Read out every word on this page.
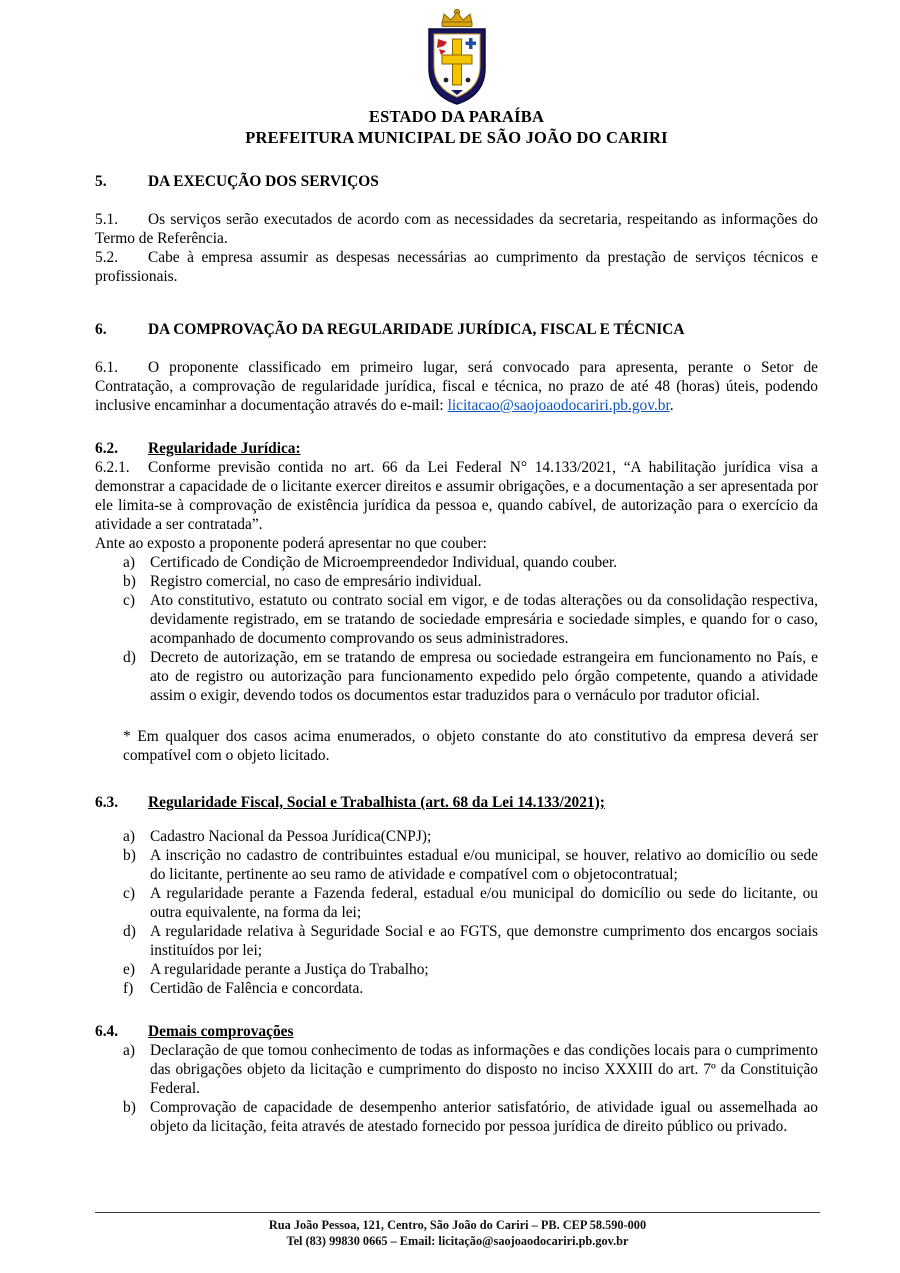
ESTADO DA PARAÍBA
PREFEITURA MUNICIPAL DE SÃO JOÃO DO CARIRI
5.	DA EXECUÇÃO DOS SERVIÇOS

5.1. Os serviços serão executados de acordo com as necessidades da secretaria, respeitando as informações do Termo de Referência.

5.2. Cabe à empresa assumir as despesas necessárias ao cumprimento da prestação de serviços técnicos e profissionais.

6.	DA COMPROVAÇÃO DA REGULARIDADE JURÍDICA, FISCAL E TÉCNICA

6.1. O proponente classificado em primeiro lugar, será convocado para apresenta, perante o Setor de Contratação, a comprovação de regularidade jurídica, fiscal e técnica, no prazo de até 48 (horas) úteis, podendo inclusive encaminhar a documentação através do e-mail: licitacao@saojoaodocariri.pb.gov.br.

6.2. Regularidade Jurídica:

6.2.1. Conforme previsão contida no art. 66 da Lei Federal N° 14.133/2021, “A habilitação jurídica visa a demonstrar a capacidade de o licitante exercer direitos e assumir obrigações, e a documentação a ser apresentada por ele limita-se à comprovação de existência jurídica da pessoa e, quando cabível, de autorização para o exercício da atividade a ser contratada”.

Ante ao exposto a proponente poderá apresentar no que couber:

a) Certificado de Condição de Microempreendedor Individual, quando couber.
b) Registro comercial, no caso de empresário individual.
c) Ato constitutivo, estatuto ou contrato social em vigor, e de todas alterações ou da consolidação respectiva, devidamente registrado, em se tratando de sociedade empresária e sociedade simples, e quando for o caso, acompanhado de documento comprovando os seus administradores.
d) Decreto de autorização, em se tratando de empresa ou sociedade estrangeira em funcionamento no País, e ato de registro ou autorização para funcionamento expedido pelo órgão competente, quando a atividade assim o exigir, devendo todos os documentos estar traduzidos para o vernáculo por tradutor oficial.

* Em qualquer dos casos acima enumerados, o objeto constante do ato constitutivo da empresa deverá ser compatível com o objeto licitado.

6.3. Regularidade Fiscal, Social e Trabalhista (art. 68 da Lei 14.133/2021);
a) Cadastro Nacional da Pessoa Jurídica(CNPJ);
b) A inscrição no cadastro de contribuintes estadual e/ou municipal, se houver, relativo ao domicílio ou sede do licitante, pertinente ao seu ramo de atividade e compatível com o objetocontratual;
c) A regularidade perante a Fazenda federal, estadual e/ou municipal do domicílio ou sede do licitante, ou outra equivalente, na forma da lei;
d) A regularidade relativa à Seguridade Social e ao FGTS, que demonstre cumprimento dos encargos sociais instituídos por lei;
e) A regularidade perante a Justiça do Trabalho;
f) Certidão de Falência e concordata.
6.4. Demais comprovações
a) Declaração de que tomou conhecimento de todas as informações e das condições locais para o cumprimento das obrigações objeto da licitação e cumprimento do disposto no inciso XXXIII do art. 7º da Constituição Federal.
b) Comprovação de capacidade de desempenho anterior satisfatório, de atividade igual ou assemelhada ao objeto da licitação, feita através de atestado fornecido por pessoa jurídica de direito público ou privado.
Rua João Pessoa, 121, Centro, São João do Cariri – PB. CEP 58.590-000
Tel (83) 99830 0665 – Email: licitação@saojoaodocariri.pb.gov.br
